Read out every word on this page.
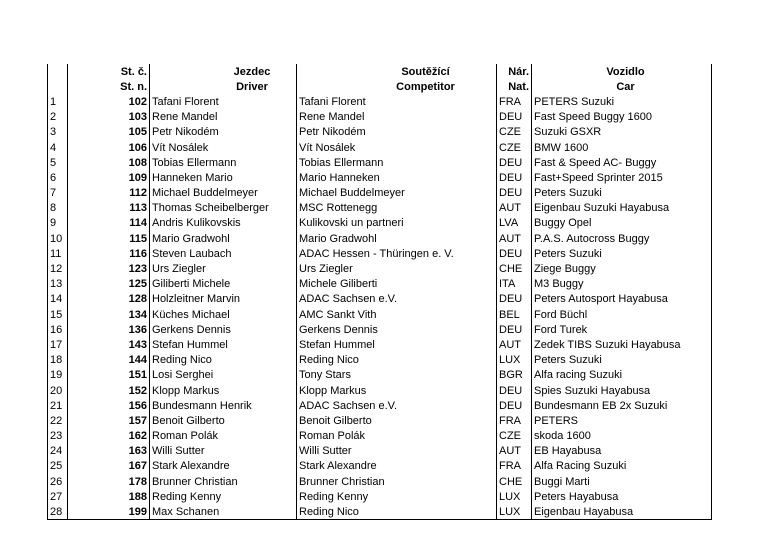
	St. č.	Jezdec	Soutěžící	Nár.	Vozidlo
	St. n.	Driver	Competitor	Nat.	Car
1	102	Tafani Florent	Tafani Florent	FRA	PETERS Suzuki
2	103	Rene Mandel	Rene Mandel	DEU	Fast Speed Buggy 1600
3	105	Petr Nikodém	Petr Nikodém	CZE	Suzuki GSXR
4	106	Vít Nosálek	Vít Nosálek	CZE	BMW 1600
5	108	Tobias Ellermann	Tobias Ellermann	DEU	Fast & Speed AC- Buggy
6	109	Hanneken Mario	Mario Hanneken	DEU	Fast+Speed Sprinter 2015
7	112	Michael Buddelmeyer	Michael Buddelmeyer	DEU	Peters Suzuki
8	113	Thomas Scheibelberger	MSC Rottenegg	AUT	Eigenbau Suzuki Hayabusa
9	114	Andris Kulikovskis	Kulikovski un partneri	LVA	Buggy Opel
10	115	Mario Gradwohl	Mario Gradwohl	AUT	P.A.S. Autocross Buggy
11	116	Steven Laubach	ADAC Hessen - Thüringen e. V.	DEU	Peters Suzuki
12	123	Urs Ziegler	Urs Ziegler	CHE	Ziege Buggy
13	125	Giliberti Michele	Michele Giliberti	ITA	M3 Buggy
14	128	Holzleitner Marvin	ADAC Sachsen e.V.	DEU	Peters Autosport Hayabusa
15	134	Küches Michael	AMC Sankt Vith	BEL	Ford Büchl
16	136	Gerkens Dennis	Gerkens Dennis	DEU	Ford Turek
17	143	Stefan Hummel	Stefan Hummel	AUT	Zedek TIBS Suzuki Hayabusa
18	144	Reding Nico	Reding Nico	LUX	Peters Suzuki
19	151	Losi Serghei	Tony Stars	BGR	Alfa racing Suzuki
20	152	Klopp Markus	Klopp Markus	DEU	Spies Suzuki Hayabusa
21	156	Bundesmann Henrik	ADAC Sachsen e.V.	DEU	Bundesmann EB 2x Suzuki
22	157	Benoit Gilberto	Benoit Gilberto	FRA	PETERS
23	162	Roman Polák	Roman Polák	CZE	skoda 1600
24	163	Willi Sutter	Willi Sutter	AUT	EB Hayabusa
25	167	Stark Alexandre	Stark Alexandre	FRA	Alfa Racing Suzuki
26	178	Brunner Christian	Brunner Christian	CHE	Buggi Marti
27	188	Reding Kenny	Reding Kenny	LUX	Peters Hayabusa
28	199	Max Schanen	Reding Nico	LUX	Eigenbau Hayabusa
